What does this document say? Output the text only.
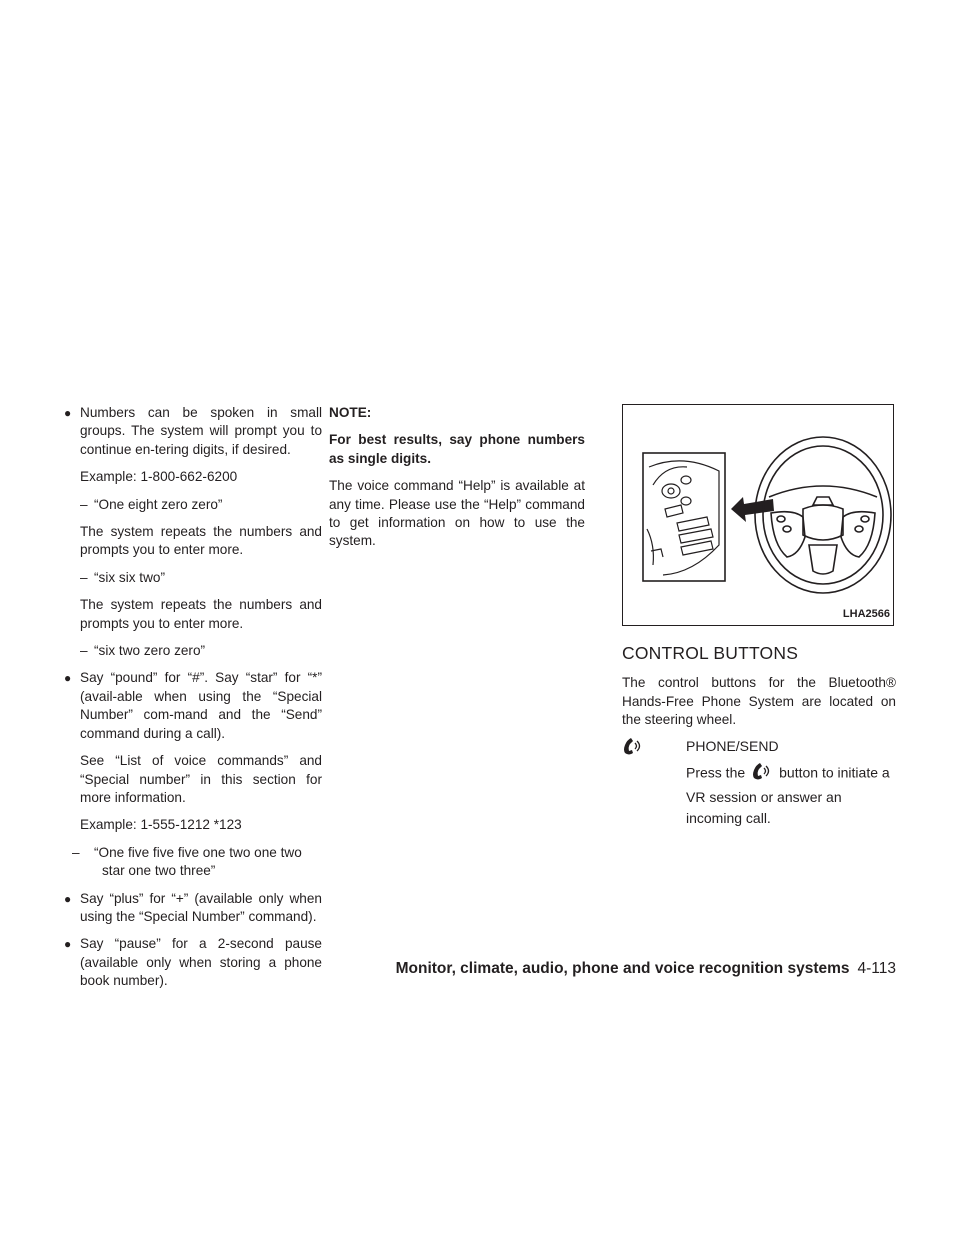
● Numbers can be spoken in small groups. The system will prompt you to continue en-tering digits, if desired.
Example: 1-800-662-6200
– “One eight zero zero”
The system repeats the numbers and prompts you to enter more.
– “six six two”
The system repeats the numbers and prompts you to enter more.
– “six two zero zero”
● Say “pound” for “#”. Say “star” for “*” (avail-able when using the “Special Number” com-mand and the “Send” command during a call).
See “List of voice commands” and “Special number” in this section for more information.
Example: 1-555-1212 *123
– “One five five five one two one two star one two three”
● Say “plus” for “+” (available only when using the “Special Number” command).
● Say “pause” for a 2-second pause (available only when storing a phone book number).
NOTE:
For best results, say phone numbers as single digits.
The voice command “Help” is available at any time. Please use the “Help” command to get information on how to use the system.
LHA2566
CONTROL BUTTONS
The control buttons for the Bluetooth® Hands-Free Phone System are located on the steering wheel.
PHONE/SEND
Press the button to initiate a VR session or answer an incoming call.
Monitor, climate, audio, phone and voice recognition systems 4-113
